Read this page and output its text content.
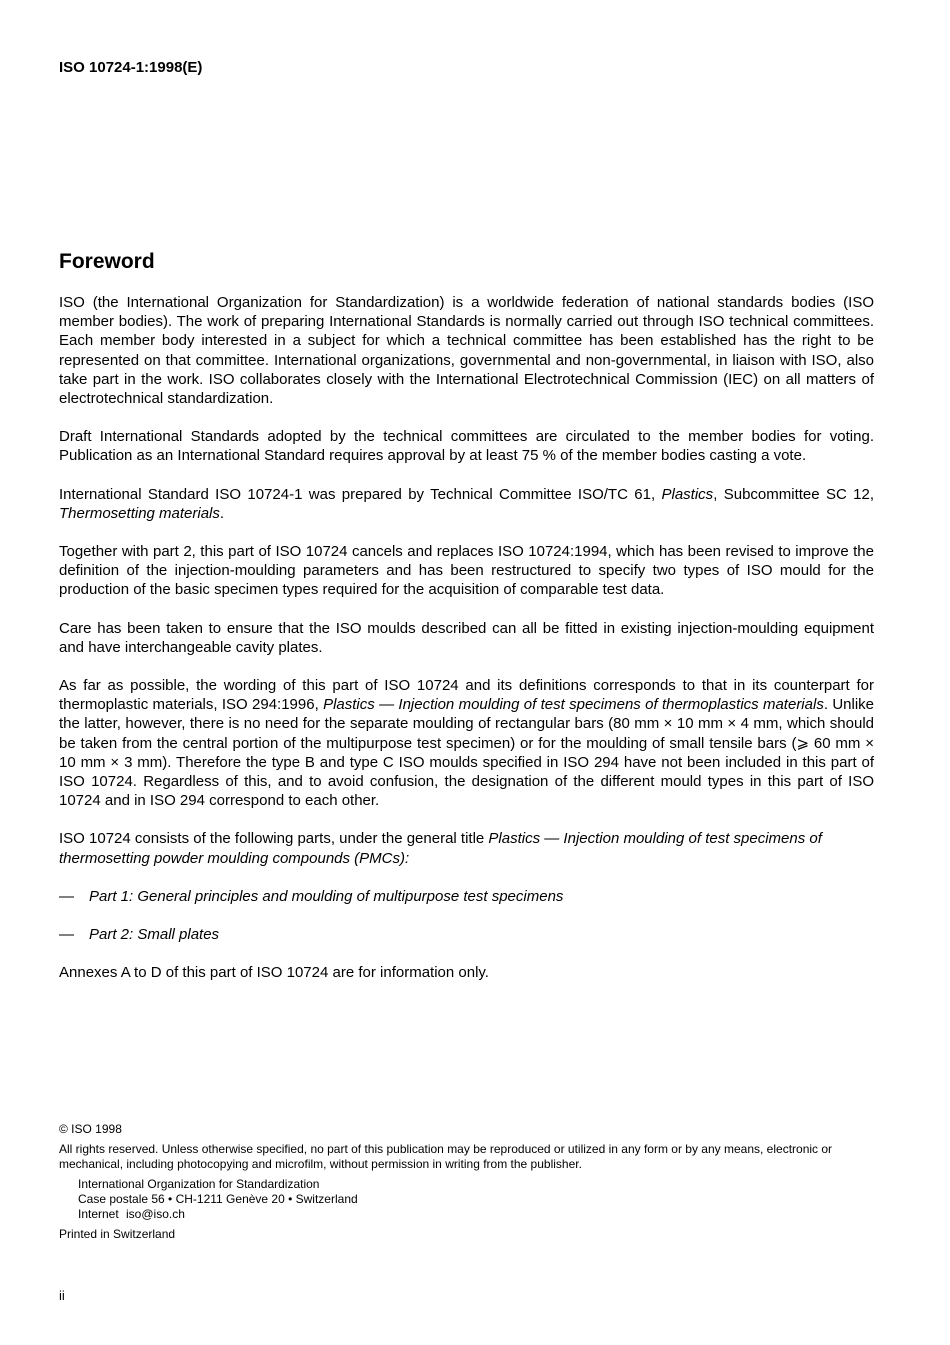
ISO 10724-1:1998(E)
Foreword

ISO (the International Organization for Standardization) is a worldwide federation of national standards bodies (ISO member bodies). The work of preparing International Standards is normally carried out through ISO technical committees. Each member body interested in a subject for which a technical committee has been established has the right to be represented on that committee. International organizations, governmental and non-governmental, in liaison with ISO, also take part in the work. ISO collaborates closely with the International Electrotechnical Commission (IEC) on all matters of electrotechnical standardization.

Draft International Standards adopted by the technical committees are circulated to the member bodies for voting. Publication as an International Standard requires approval by at least 75 % of the member bodies casting a vote.

International Standard ISO 10724-1 was prepared by Technical Committee ISO/TC 61, Plastics, Subcommittee SC 12, Thermosetting materials.

Together with part 2, this part of ISO 10724 cancels and replaces ISO 10724:1994, which has been revised to improve the definition of the injection-moulding parameters and has been restructured to specify two types of ISO mould for the production of the basic specimen types required for the acquisition of comparable test data.

Care has been taken to ensure that the ISO moulds described can all be fitted in existing injection-moulding equipment and have interchangeable cavity plates.

As far as possible, the wording of this part of ISO 10724 and its definitions corresponds to that in its counterpart for thermoplastic materials, ISO 294:1996, Plastics — Injection moulding of test specimens of thermoplastics materials. Unlike the latter, however, there is no need for the separate moulding of rectangular bars (80 mm × 10 mm × 4 mm, which should be taken from the central portion of the multipurpose test specimen) or for the moulding of small tensile bars (⩾ 60 mm × 10 mm × 3 mm). Therefore the type B and type C ISO moulds specified in ISO 294 have not been included in this part of ISO 10724. Regardless of this, and to avoid confusion, the designation of the different mould types in this part of ISO 10724 and in ISO 294 correspond to each other.

ISO 10724 consists of the following parts, under the general title Plastics — Injection moulding of test specimens of thermosetting powder moulding compounds (PMCs):

—	Part 1: General principles and moulding of multipurpose test specimens
—	Part 2: Small plates

Annexes A to D of this part of ISO 10724 are for information only.

© ISO 1998

All rights reserved. Unless otherwise specified, no part of this publication may be reproduced or utilized in any form or by any means, electronic or mechanical, including photocopying and microfilm, without permission in writing from the publisher.

International Organization for Standardization
Case postale 56 • CH-1211 Genève 20 • Switzerland
Internet iso@iso.ch

Printed in Switzerland

ii
